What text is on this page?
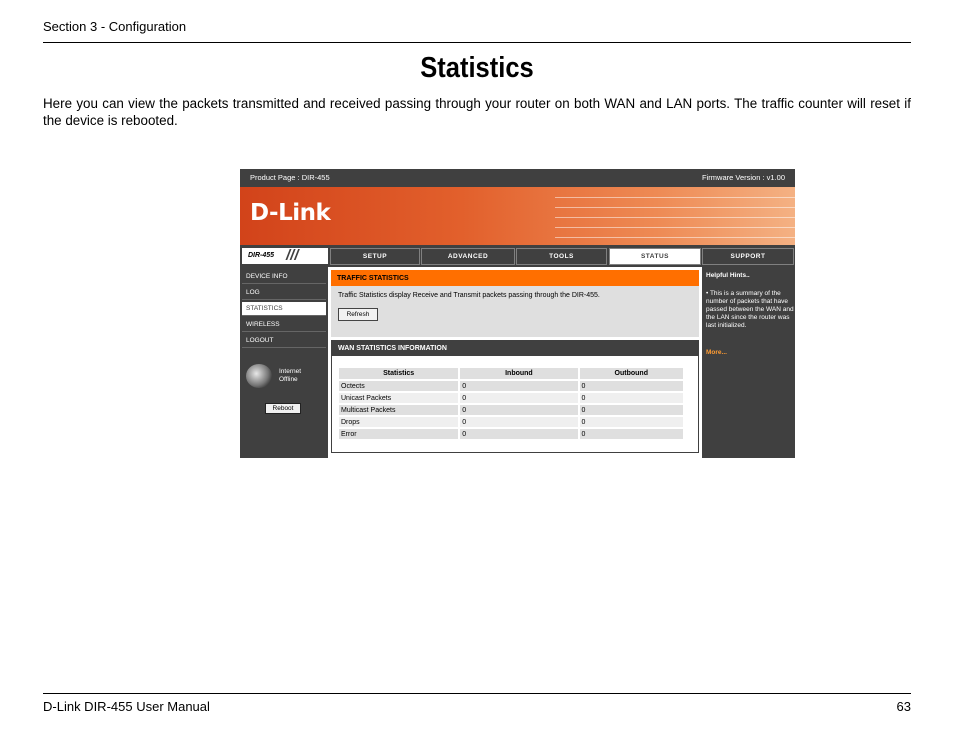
Section 3 - Configuration
Statistics
Here you can view the packets transmitted and received passing through your router on both WAN and LAN ports. The traffic counter will reset if the device is rebooted.
Product Page : DIR-455	Firmware Version : v1.00
D-Link
DIR-455 ///	SETUP	ADVANCED	TOOLS	STATUS	SUPPORT
DEVICE INFO
LOG
STATISTICS
WIRELESS
LOGOUT
Internet
Offline
Reboot
TRAFFIC STATISTICS
Traffic Statistics display Receive and Transmit packets passing through the DIR-455.
Refresh
WAN STATISTICS INFORMATION
Statistics	Inbound	Outbound
Octects	0	0
Unicast Packets	0	0
Multicast Packets	0	0
Drops	0	0
Error	0	0
Helpful Hints..
• This is a summary of the number of packets that have passed between the WAN and the LAN since the router was last initialized.
More...
D-Link DIR-455 User Manual	63
